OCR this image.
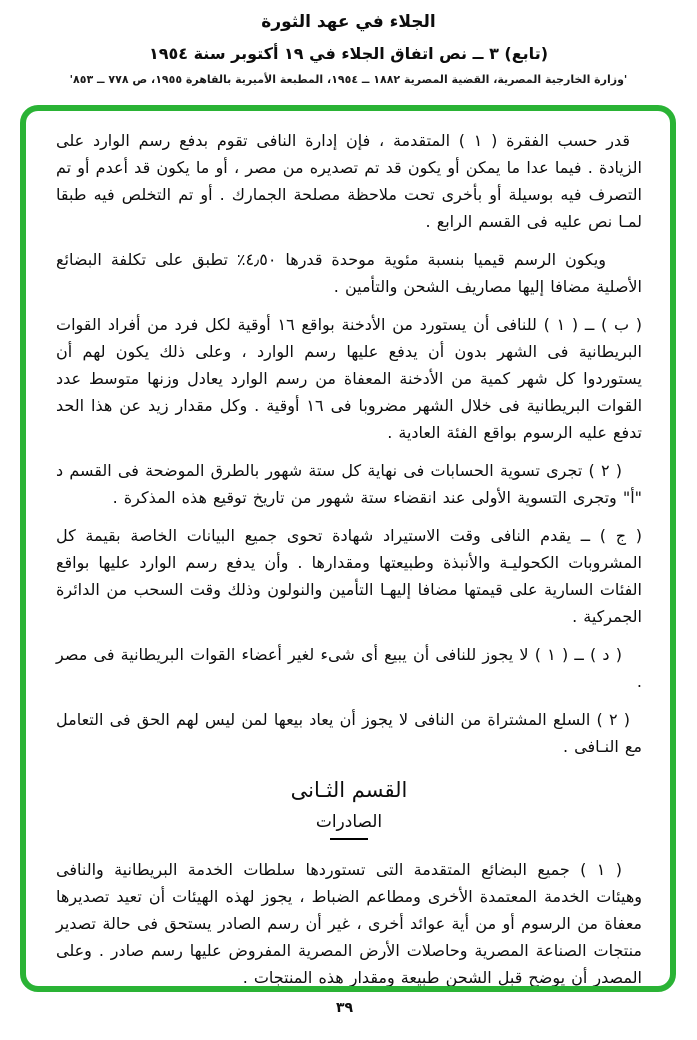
الجلاء في عهد الثورة
(تابع) ٣ ــ نص اتفاق الجلاء في ١٩ أكتوبر سنة ١٩٥٤
'وزارة الخارجية المصرية، القضية المصرية ١٨٨٢ ــ ١٩٥٤، المطبعة الأميرية بالقاهرة ١٩٥٥، ص ٧٧٨ ــ ٨٥٣'

قدر حسب الفقرة ( ١ ) المتقدمة ، فإن إدارة النافى تقوم بدفع رسم الوارد على الزيادة . فيما عدا ما يمكن أو يكون قد تم تصديره من مصر ، أو ما يكون قد أعدم أو تم التصرف فيه بوسيلة أو بأخرى تحت ملاحظة مصلحة الجمارك . أو تم التخلص فيه طبقا لمـا نص عليه فى القسم الرابع .

ويكون الرسم قيميا بنسبة مئوية موحدة قدرها ٤٫٥٠٪ تطبق على تكلفة البضائع الأصلية مضافا إليها مصاريف الشحن والتأمين .

( ب ) ــ ( ١ ) للنافى أن يستورد من الأدخنة بواقع ١٦ أوقية لكل فرد من أفراد القوات البريطانية فى الشهر بدون أن يدفع عليها رسم الوارد ، وعلى ذلك يكون لهم أن يستوردوا كل شهر كمية من الأدخنة المعفاة من رسم الوارد يعادل وزنها متوسط عدد القوات البريطانية فى خلال الشهر مضروبا فى ١٦ أوقية . وكل مقدار زيد عن هذا الحد تدفع عليه الرسوم بواقع الفئة العادية .

( ٢ ) تجرى تسوية الحسابات فى نهاية كل ستة شهور بالطرق الموضحة فى القسم د "أ" وتجرى التسوية الأولى عند انقضاء ستة شهور من تاريخ توقيع هذه المذكرة .

( ج ) ــ يقدم النافى وقت الاستيراد شهادة تحوى جميع البيانات الخاصة بقيمة كل المشروبات الكحوليـة والأنبذة وطبيعتها ومقدارها . وأن يدفع رسم الوارد عليها بواقع الفئات السارية على قيمتها مضافا إليهـا التأمين والنولون وذلك وقت السحب من الدائرة الجمركية .

( د ) ــ ( ١ ) لا يجوز للنافى أن يبيع أى شىء لغير أعضاء القوات البريطانية فى مصر .

( ٢ ) السلع المشتراة من النافى لا يجوز أن يعاد بيعها لمن ليس لهم الحق فى التعامل مع النـافى .

القسم الثـانى
الصادرات

( ١ ) جميع البضائع المتقدمة التى تستوردها سلطات الخدمة البريطانية والنافى وهيئات الخدمة المعتمدة الأخرى ومطاعم الضباط ، يجوز لهذه الهيئات أن تعيد تصديرها معفاة من الرسوم أو من أية عوائد أخرى ، غير أن رسم الصادر يستحق فى حالة تصدير منتجات الصناعة المصرية وحاصلات الأرض المصرية المفروض عليها رسم صادر . وعلى المصدر أن يوضح قبل الشحن طبيعة ومقدار هذه المنتجات .

٣٩
